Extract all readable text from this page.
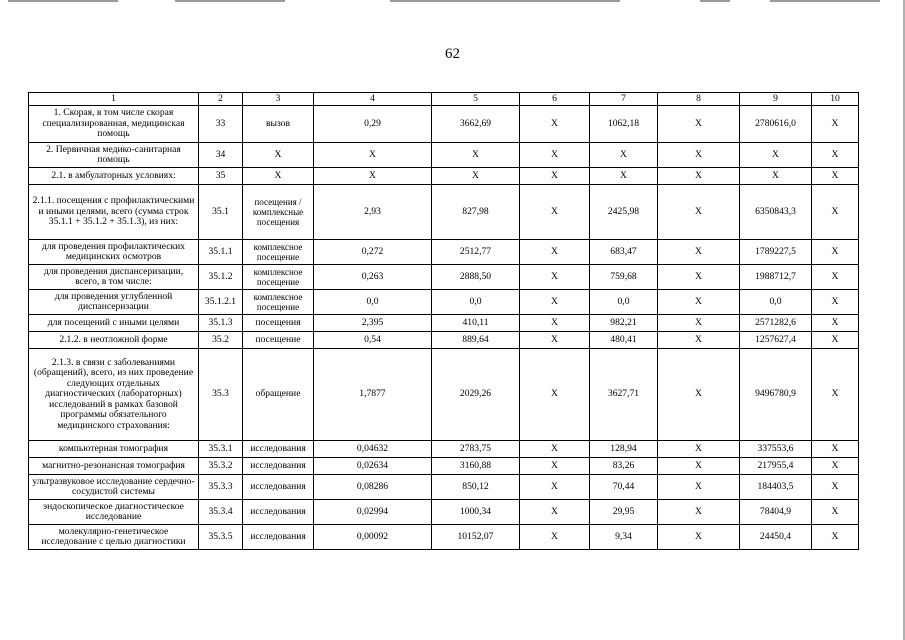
62
1	2	3	4	5	6	7	8	9	10
1. Скорая, в том числе скорая специализированная, медицинская помощь	33	вызов	0,29	3662,69	X	1062,18	X	2780616,0	X
2. Первичная медико-санитарная помощь	34	X	X	X	X	X	X	X	X
2.1. в амбулаторных условиях:	35	X	X	X	X	X	X	X	X
2.1.1. посещения с профилактическими и иными целями, всего (сумма строк 35.1.1 + 35.1.2 + 35.1.3), из них:	35.1	посещения / комплексные посещения	2,93	827,98	X	2425,98	X	6350843,3	X
для проведения профилактических медицинских осмотров	35.1.1	комплексное посещение	0,272	2512,77	X	683,47	X	1789227,5	X
для проведения диспансеризации, всего, в том числе:	35.1.2	комплексное посещение	0,263	2888,50	X	759,68	X	1988712,7	X
для проведения углубленной диспансеризации	35.1.2.1	комплексное посещение	0,0	0,0	X	0,0	X	0,0	X
для посещений с иными целями	35.1.3	посещения	2,395	410,11	X	982,21	X	2571282,6	X
2.1.2. в неотложной форме	35.2	посещение	0,54	889,64	X	480,41	X	1257627,4	X
2.1.3. в связи с заболеваниями (обращений), всего, из них проведение следующих отдельных диагностических (лабораторных) исследований в рамках базовой программы обязательного медицинского страхования:	35.3	обращение	1,7877	2029,26	X	3627,71	X	9496780,9	X
компьютерная томография	35.3.1	исследования	0,04632	2783,75	X	128,94	X	337553,6	X
магнитно-резонансная томография	35.3.2	исследования	0,02634	3160,88	X	83,26	X	217955,4	X
ультразвуковое исследование сердечно-сосудистой системы	35.3.3	исследования	0,08286	850,12	X	70,44	X	184403,5	X
эндоскопическое диагностическое исследование	35.3.4	исследования	0,02994	1000,34	X	29,95	X	78404,9	X
молекулярно-генетическое исследование с целью диагностики	35.3.5	исследования	0,00092	10152,07	X	9,34	X	24450,4	X
